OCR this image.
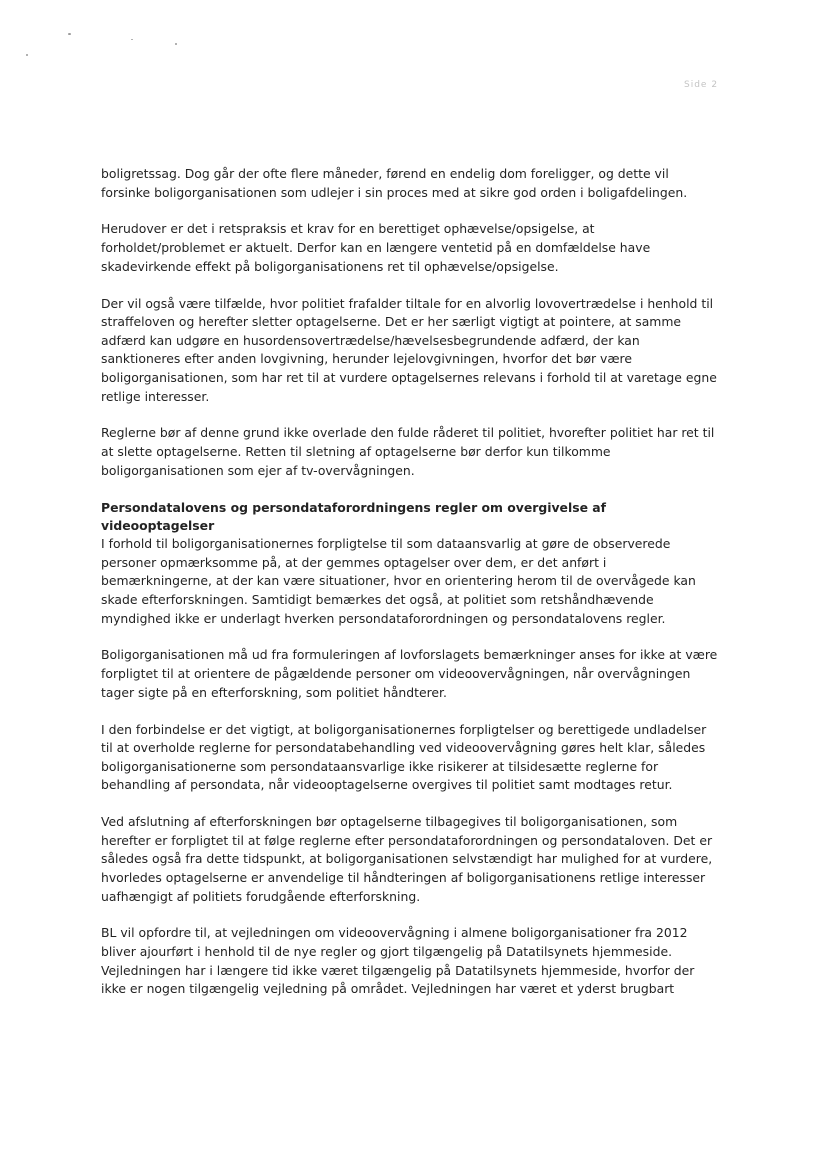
Side 2

boligretssag. Dog går der ofte flere måneder, førend en endelig dom foreligger, og dette vil forsinke boligorganisationen som udlejer i sin proces med at sikre god orden i boligafdelingen.

Herudover er det i retspraksis et krav for en berettiget ophævelse/opsigelse, at forholdet/problemet er aktuelt. Derfor kan en længere ventetid på en domfældelse have skadevirkende effekt på boligorganisationens ret til ophævelse/opsigelse.

Der vil også være tilfælde, hvor politiet frafalder tiltale for en alvorlig lovovertrædelse i henhold til straffeloven og herefter sletter optagelserne. Det er her særligt vigtigt at pointere, at samme adfærd kan udgøre en husordensovertrædelse/hævelsesbegrundende adfærd, der kan sanktioneres efter anden lovgivning, herunder lejelovgivningen, hvorfor det bør være boligorganisationen, som har ret til at vurdere optagelsernes relevans i forhold til at varetage egne retlige interesser.

Reglerne bør af denne grund ikke overlade den fulde råderet til politiet, hvorefter politiet har ret til at slette optagelserne. Retten til sletning af optagelserne bør derfor kun tilkomme boligorganisationen som ejer af tv-overvågningen.

Persondatalovens og persondataforordningens regler om overgivelse af videooptagelser

I forhold til boligorganisationernes forpligtelse til som dataansvarlig at gøre de observerede personer opmærksomme på, at der gemmes optagelser over dem, er det anført i bemærkningerne, at der kan være situationer, hvor en orientering herom til de overvågede kan skade efterforskningen. Samtidigt bemærkes det også, at politiet som retshåndhævende myndighed ikke er underlagt hverken persondataforordningen og persondatalovens regler.

Boligorganisationen må ud fra formuleringen af lovforslagets bemærkninger anses for ikke at være forpligtet til at orientere de pågældende personer om videoovervågningen, når overvågningen tager sigte på en efterforskning, som politiet håndterer.

I den forbindelse er det vigtigt, at boligorganisationernes forpligtelser og berettigede undladelser til at overholde reglerne for persondatabehandling ved videoovervågning gøres helt klar, således boligorganisationerne som persondataansvarlige ikke risikerer at tilsidesætte reglerne for behandling af persondata, når videooptagelserne overgives til politiet samt modtages retur.

Ved afslutning af efterforskningen bør optagelserne tilbagegives til boligorganisationen, som herefter er forpligtet til at følge reglerne efter persondataforordningen og persondataloven. Det er således også fra dette tidspunkt, at boligorganisationen selvstændigt har mulighed for at vurdere, hvorledes optagelserne er anvendelige til håndteringen af boligorganisationens retlige interesser uafhængigt af politiets forudgående efterforskning.

BL vil opfordre til, at vejledningen om videoovervågning i almene boligorganisationer fra 2012 bliver ajourført i henhold til de nye regler og gjort tilgængelig på Datatilsynets hjemmeside. Vejledningen har i længere tid ikke været tilgængelig på Datatilsynets hjemmeside, hvorfor der ikke er nogen tilgængelig vejledning på området. Vejledningen har været et yderst brugbart
